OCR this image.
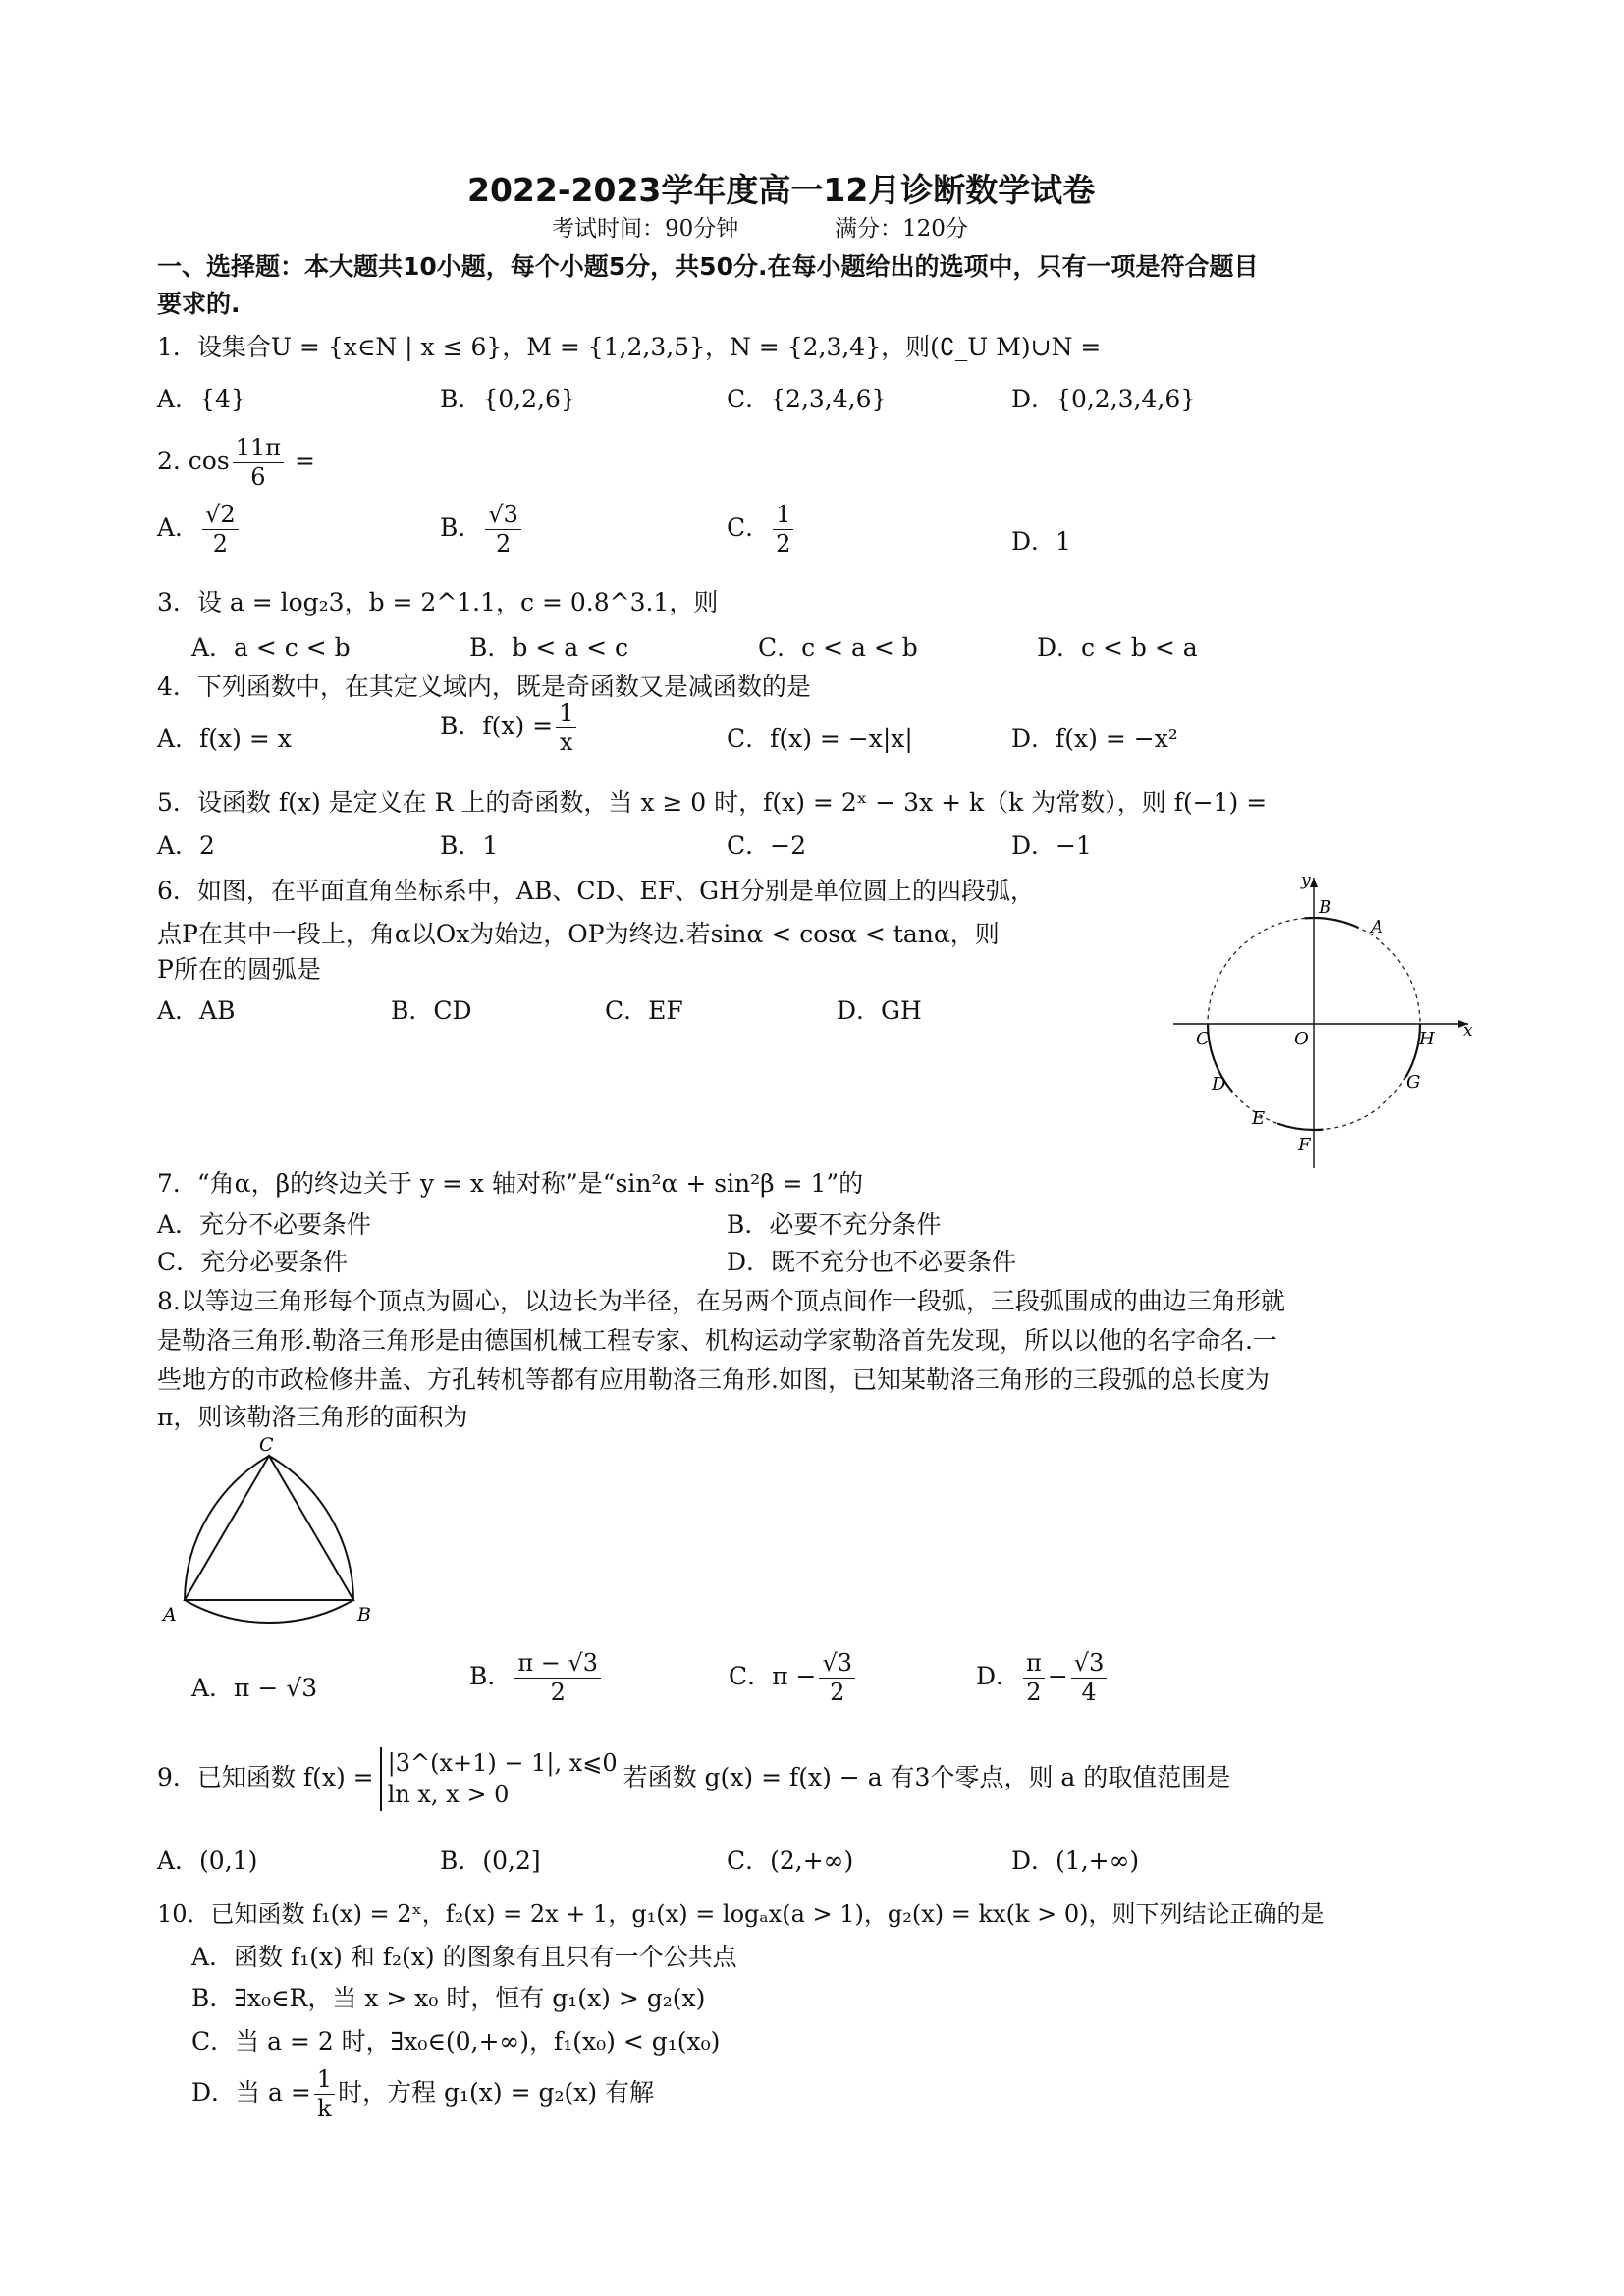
2022-2023学年度高一12月诊断数学试卷
考试时间：90分钟	满分：120分
一、选择题：本大题共10小题，每个小题5分，共50分.在每小题给出的选项中，只有一项是符合题目
要求的.
1．设集合U = {x∈N | x ≤ 6}，M = {1,2,3,5}，N = {2,3,4}，则(∁_U M)∪N =
A．{4}	B．{0,2,6}	C．{2,3,4,6}	D．{0,2,3,4,6}
2. $\cos \frac{11\pi}{6}$ =
A． $\frac{√2}{2}$	B． $\frac{√3}{2}$	C． $\frac{1}{2}$	D．1
3．设 a = log₂3，b = 2^1.1，c = 0.8^3.1，则
A．a < c < b	B．b < a < c	C．c < a < b	D．c < b < a
4．下列函数中，在其定义域内，既是奇函数又是减函数的是
A．f(x) = x	B．$f(x) = \frac{1}{x}$	C．f(x) = −x|x|	D．f(x) = −x²
5．设函数 f(x) 是定义在 R 上的奇函数，当 x ≥ 0 时，f(x) = 2ˣ − 3x + k（k 为常数），则 f(−1) =
A．2	B．1	C．−2	D．−1
6．如图，在平面直角坐标系中，AB、CD、EF、GH分别是单位圆上的四段弧，
点P在其中一段上，角α以Ox为始边，OP为终边.若sinα < cosα < tanα，则
P所在的圆弧是
A．AB	B．CD	C．EF	D．GH
y
x
O
A
B
C
D
E
F
G
H
7．“角α，β的终边关于 y = x 轴对称”是“sin²α + sin²β = 1”的
A．充分不必要条件	B．必要不充分条件
C．充分必要条件	D．既不充分也不必要条件
8.以等边三角形每个顶点为圆心，以边长为半径，在另两个顶点间作一段弧，三段弧围成的曲边三角形就
是勒洛三角形.勒洛三角形是由德国机械工程专家、机构运动学家勒洛首先发现，所以以他的名字命名.一
些地方的市政检修井盖、方孔转机等都有应用勒洛三角形.如图，已知某勒洛三角形的三段弧的总长度为
π，则该勒洛三角形的面积为
A	B
C
A．π − √3	B． $\frac{\pi - √3}{2}$	C．$\pi - \frac{√3}{2}$	D． $\frac{\pi}{2} - \frac{√3}{4}$
9．已知函数 f(x) = |3^(x+1) − 1|, x⩽0
ln x, x > 0
若函数 g(x) = f(x) − a 有3个零点，则 a 的取值范围是
A．(0,1)	B．(0,2]	C．(2,+∞)	D．(1,+∞)
10．已知函数 f₁(x) = 2ˣ，f₂(x) = 2x + 1，g₁(x) = logₐx(a > 1)，g₂(x) = kx(k > 0)，则下列结论正确的是
A．函数 f₁(x) 和 f₂(x) 的图象有且只有一个公共点
B．∃x₀∈R，当 x > x₀ 时，恒有 g₁(x) > g₂(x)
C．当 a = 2 时，∃x₀∈(0,+∞)，f₁(x₀) < g₁(x₀)
D．当 $a = \frac{1}{k}$ 时，方程 g₁(x) = g₂(x) 有解
